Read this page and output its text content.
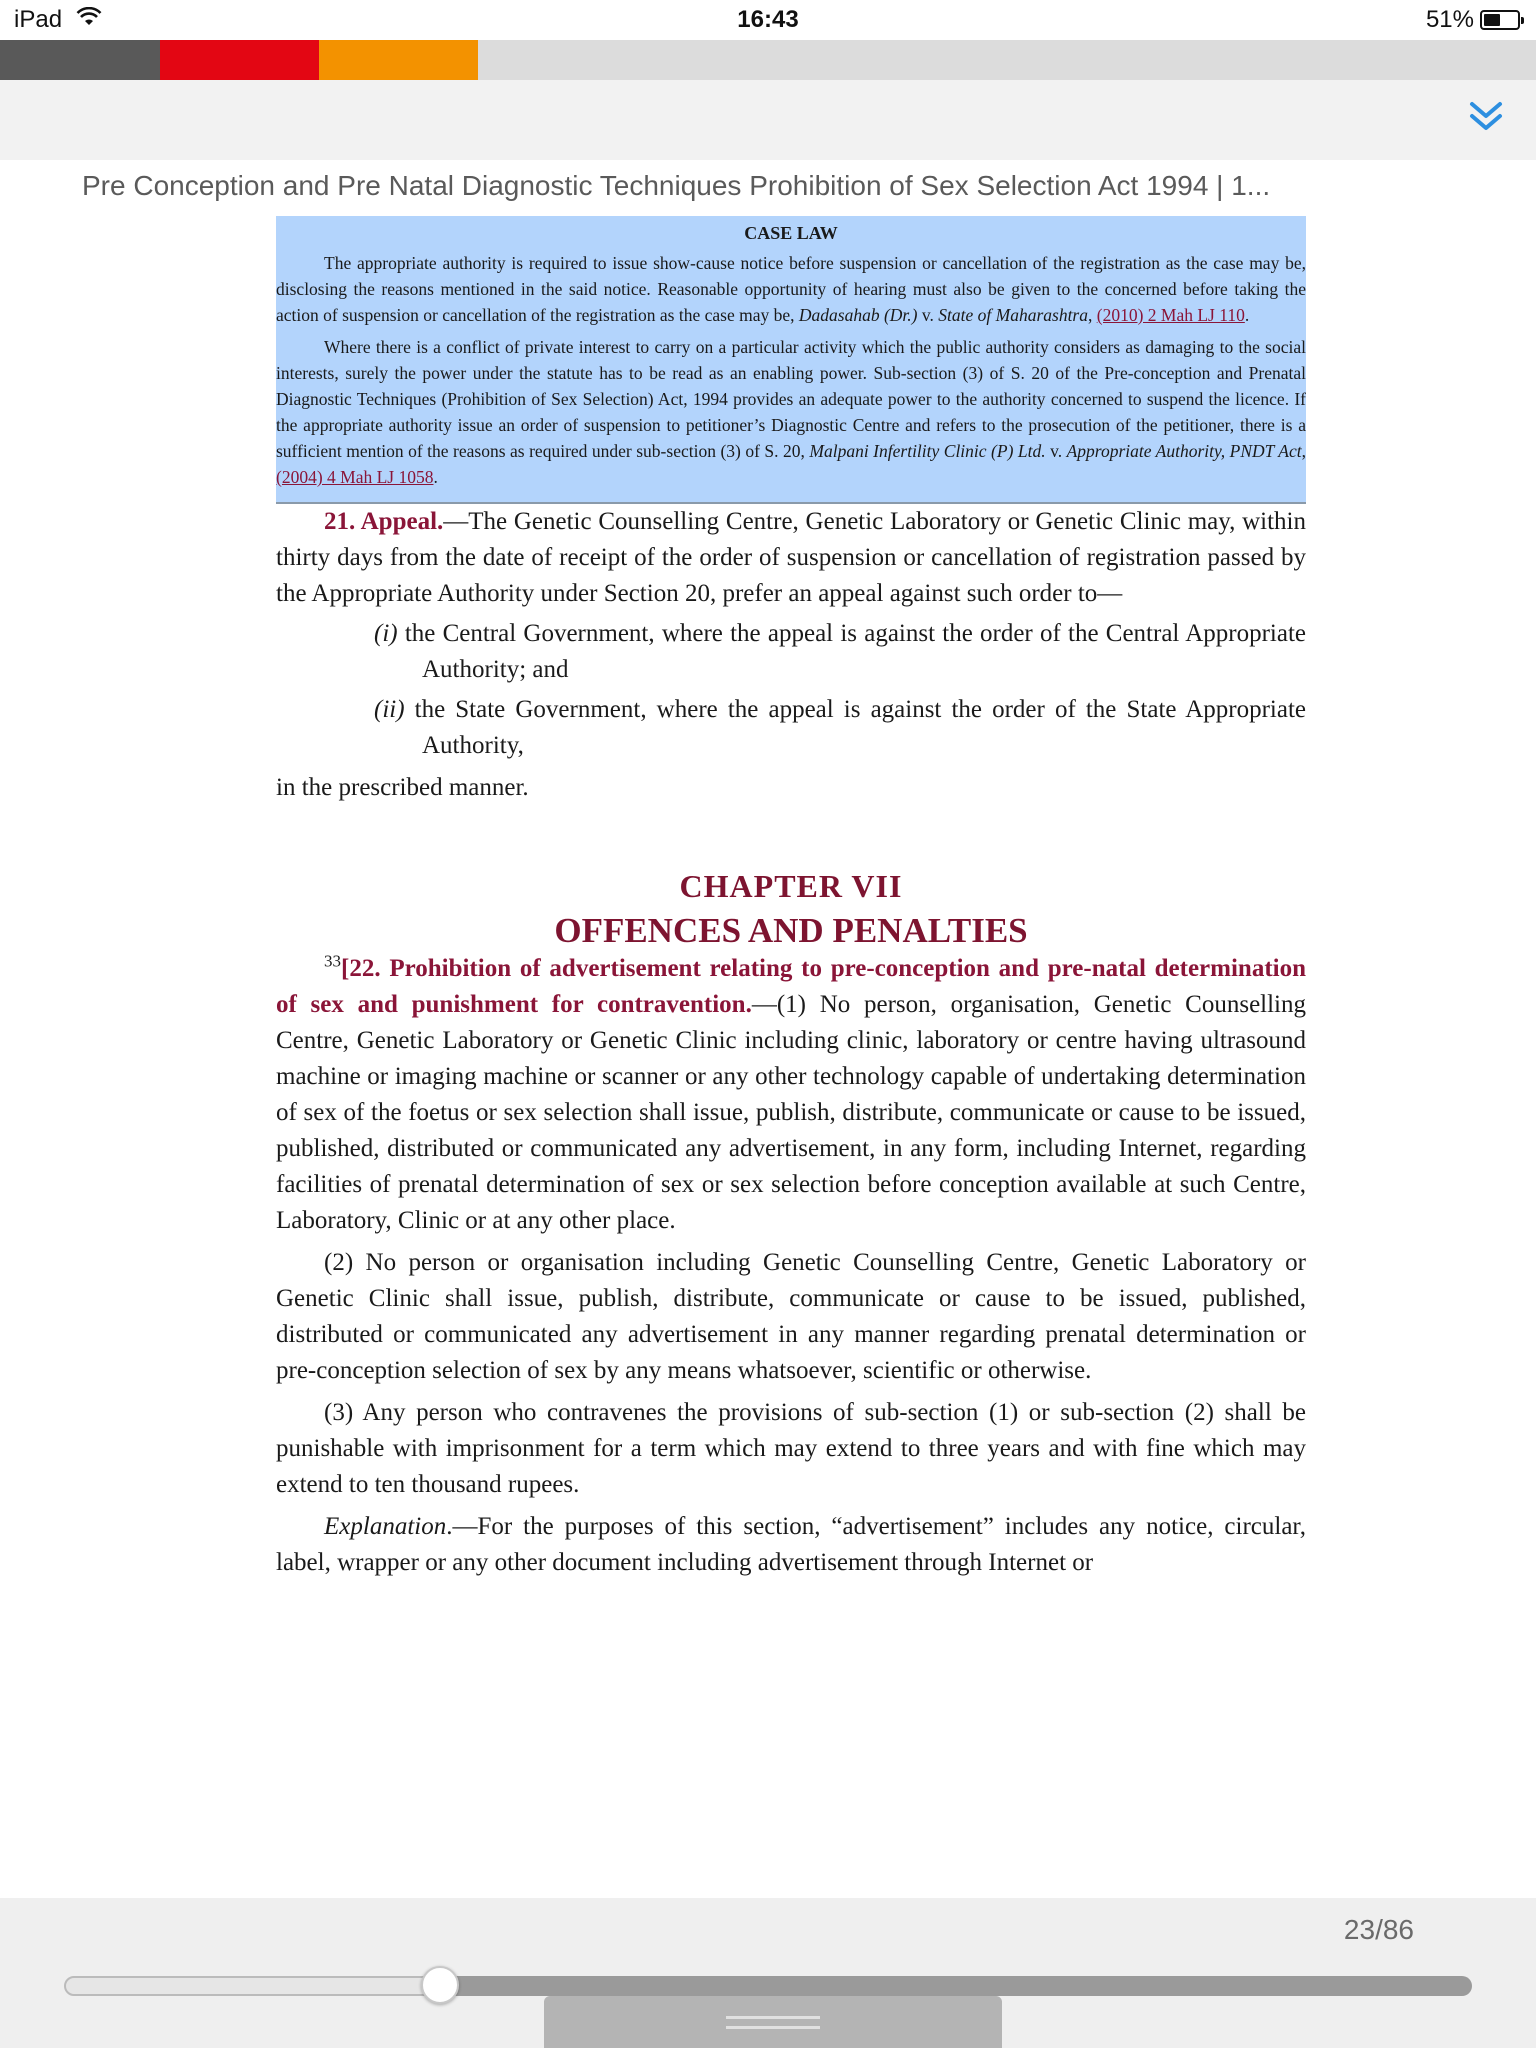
iPad	16:43	51%
Pre Conception and Pre Natal Diagnostic Techniques Prohibition of Sex Selection Act 1994 | 1...
CASE LAW

The appropriate authority is required to issue show-cause notice before suspension or cancellation of the registration as the case may be, disclosing the reasons mentioned in the said notice. Reasonable opportunity of hearing must also be given to the concerned before taking the action of suspension or cancellation of the registration as the case may be, Dadasahab (Dr.) v. State of Maharashtra, (2010) 2 Mah LJ 110.

Where there is a conflict of private interest to carry on a particular activity which the public authority considers as damaging to the social interests, surely the power under the statute has to be read as an enabling power. Sub-section (3) of S. 20 of the Pre-conception and Prenatal Diagnostic Techniques (Prohibition of Sex Selection) Act, 1994 provides an adequate power to the authority concerned to suspend the licence. If the appropriate authority issue an order of suspension to petitioner’s Diagnostic Centre and refers to the prosecution of the petitioner, there is a sufficient mention of the reasons as required under sub-section (3) of S. 20, Malpani Infertility Clinic (P) Ltd. v. Appropriate Authority, PNDT Act, (2004) 4 Mah LJ 1058.

21. Appeal.—The Genetic Counselling Centre, Genetic Laboratory or Genetic Clinic may, within thirty days from the date of receipt of the order of suspension or cancellation of registration passed by the Appropriate Authority under Section 20, prefer an appeal against such order to—

(i) the Central Government, where the appeal is against the order of the Central Appropriate Authority; and

(ii) the State Government, where the appeal is against the order of the State Appropriate Authority,

in the prescribed manner.

CHAPTER VII
OFFENCES AND PENALTIES

$^{33}$[22. Prohibition of advertisement relating to pre-conception and pre-natal determination of sex and punishment for contravention.—(1) No person, organisation, Genetic Counselling Centre, Genetic Laboratory or Genetic Clinic including clinic, laboratory or centre having ultrasound machine or imaging machine or scanner or any other technology capable of undertaking determination of sex of the foetus or sex selection shall issue, publish, distribute, communicate or cause to be issued, published, distributed or communicated any advertisement, in any form, including Internet, regarding facilities of prenatal determination of sex or sex selection before conception available at such Centre, Laboratory, Clinic or at any other place.

(2) No person or organisation including Genetic Counselling Centre, Genetic Laboratory or Genetic Clinic shall issue, publish, distribute, communicate or cause to be issued, published, distributed or communicated any advertisement in any manner regarding prenatal determination or pre-conception selection of sex by any means whatsoever, scientific or otherwise.

(3) Any person who contravenes the provisions of sub-section (1) or sub-section (2) shall be punishable with imprisonment for a term which may extend to three years and with fine which may extend to ten thousand rupees.

Explanation.—For the purposes of this section, “advertisement” includes any notice, circular, label, wrapper or any other document including advertisement through Internet or

23/86
